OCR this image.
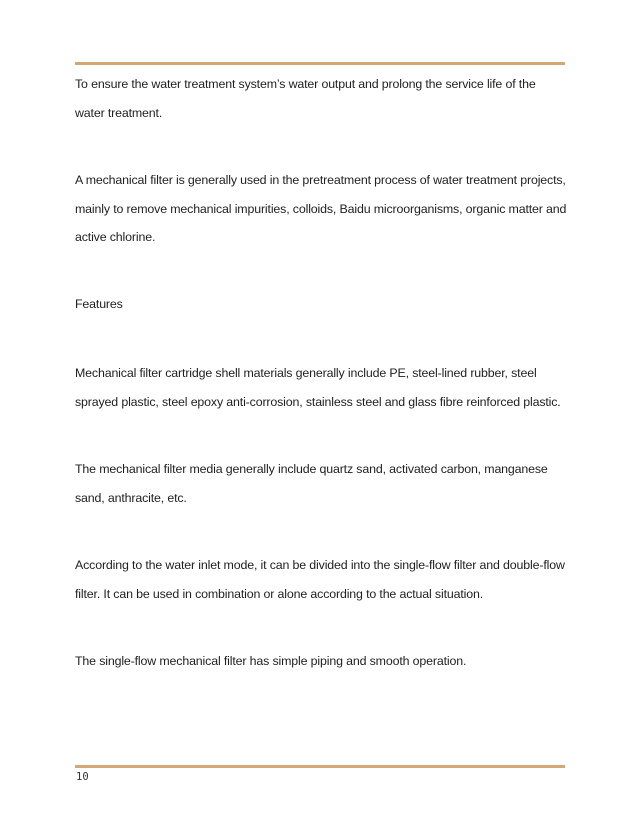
To ensure the water treatment system’s water output and prolong the service life of the water treatment.

A mechanical filter is generally used in the pretreatment process of water treatment projects, mainly to remove mechanical impurities, colloids, Baidu microorganisms, organic matter and active chlorine.

Features

Mechanical filter cartridge shell materials generally include PE, steel-lined rubber, steel sprayed plastic, steel epoxy anti-corrosion, stainless steel and glass fibre reinforced plastic.

The mechanical filter media generally include quartz sand, activated carbon, manganese sand, anthracite, etc.

According to the water inlet mode, it can be divided into the single-flow filter and double-flow filter. It can be used in combination or alone according to the actual situation.

The single-flow mechanical filter has simple piping and smooth operation.

10
